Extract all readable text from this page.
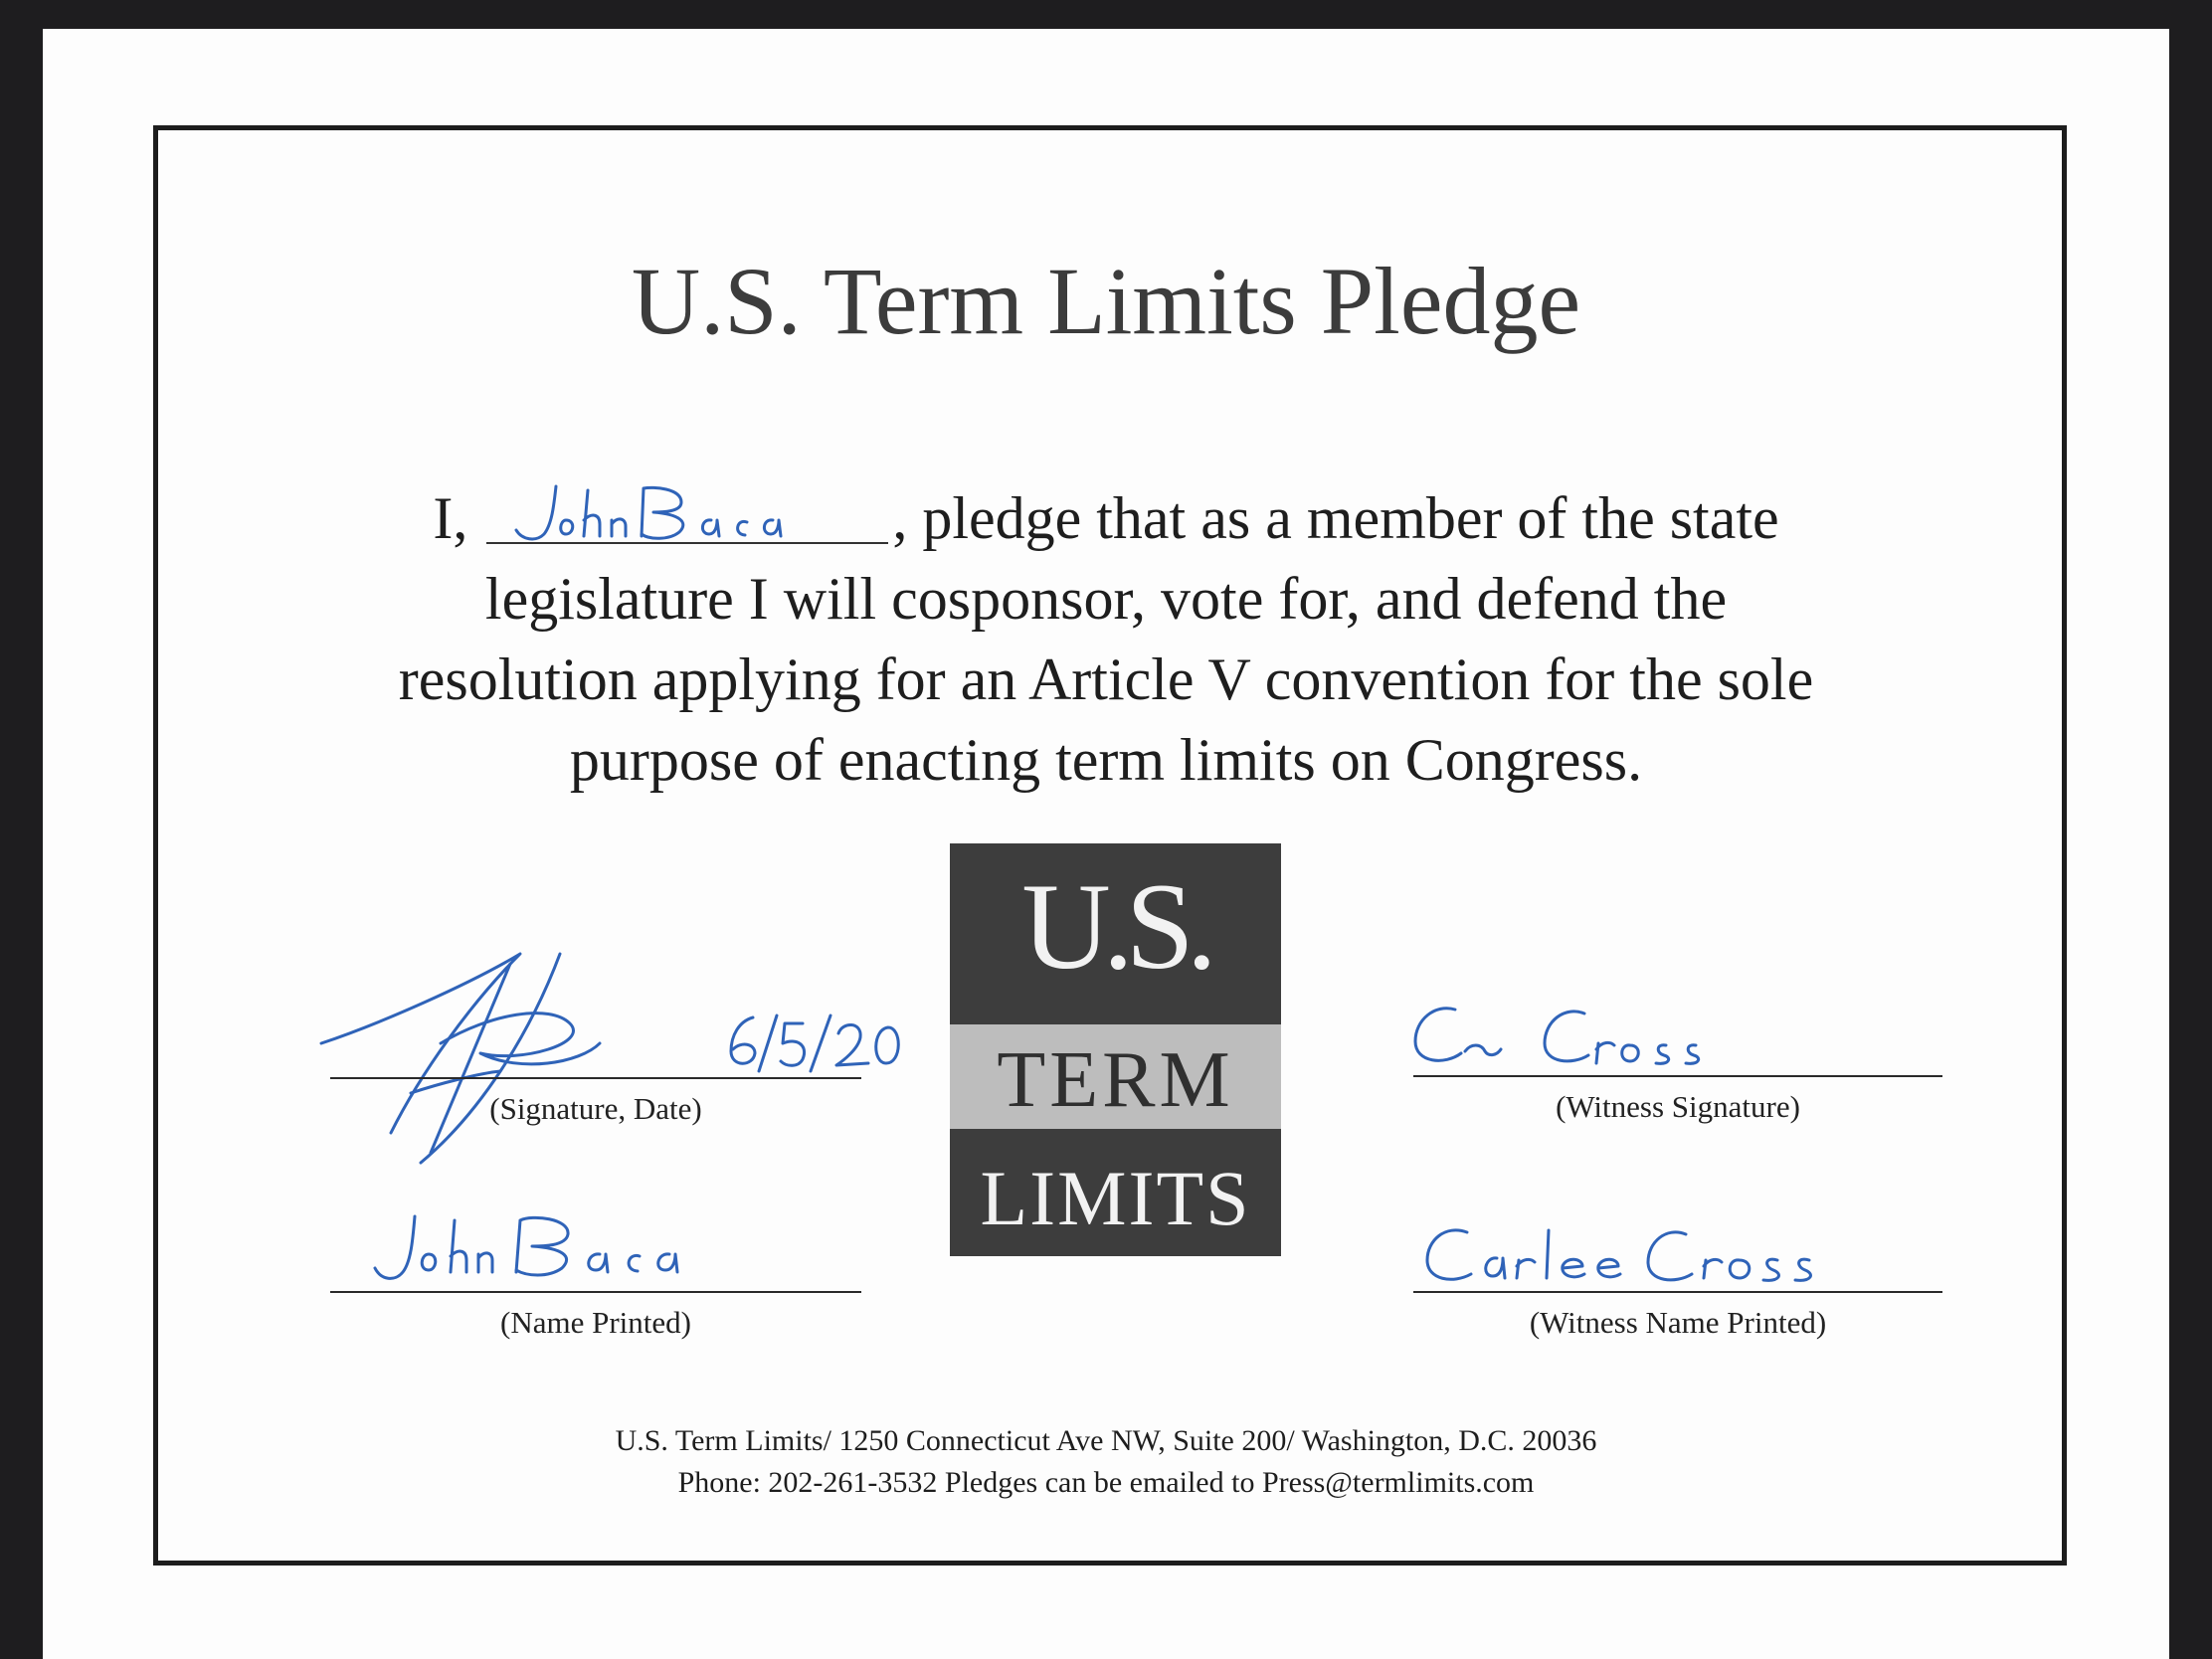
U.S. Term Limits Pledge
I,	, pledge that as a member of the state
legislature I will cosponsor, vote for, and defend the
resolution applying for an Article V convention for the sole
purpose of enacting term limits on Congress.
(Signature, Date)
(Name Printed)
U.S.
TERM
LIMITS
(Witness Signature)
(Witness Name Printed)
U.S. Term Limits/ 1250 Connecticut Ave NW, Suite 200/ Washington, D.C. 20036
Phone: 202-261-3532 Pledges can be emailed to Press@termlimits.com
